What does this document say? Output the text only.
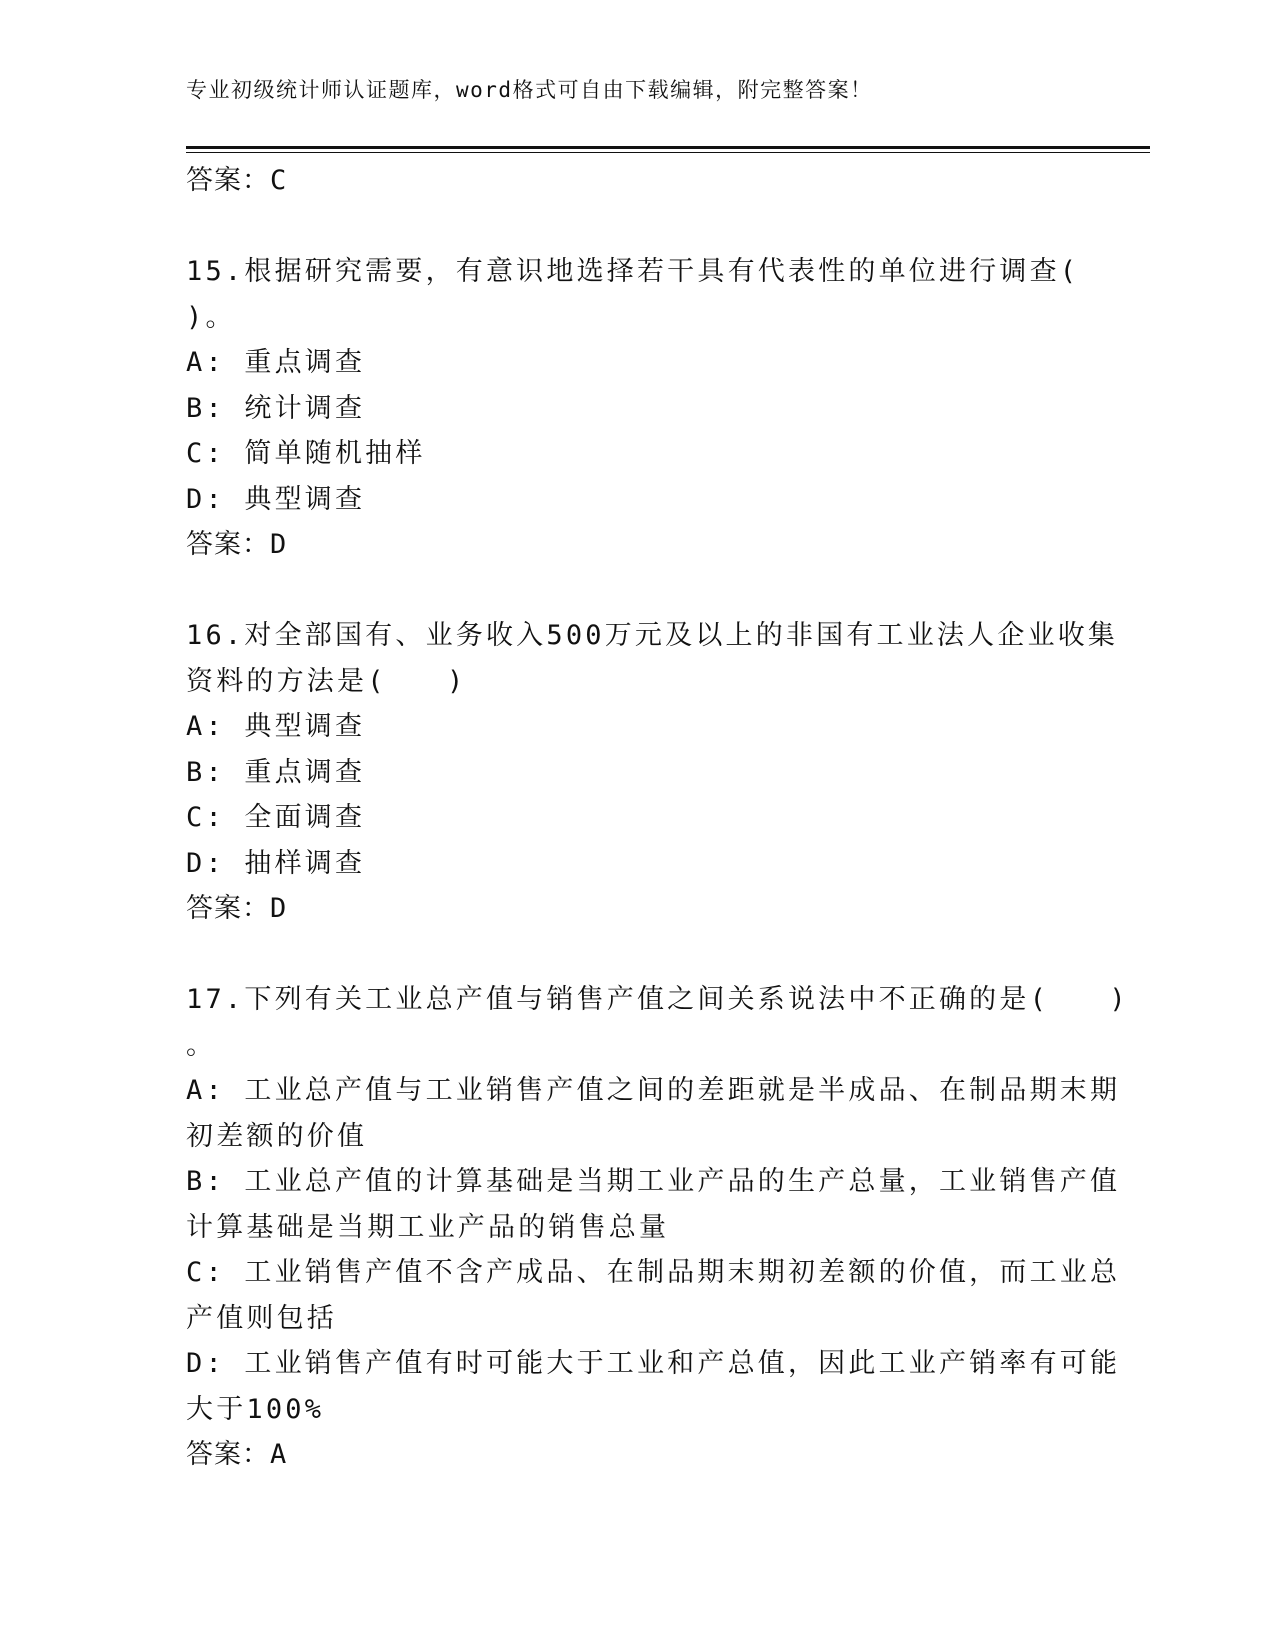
专业初级统计师认证题库，word格式可自由下载编辑，附完整答案！
答案：C
15.根据研究需要，有意识地选择若干具有代表性的单位进行调查(
)。
A: 重点调查
B: 统计调查
C: 简单随机抽样
D: 典型调查
答案：D
16.对全部国有、业务收入500万元及以上的非国有工业法人企业收集
资料的方法是(　　)
A: 典型调查
B: 重点调查
C: 全面调查
D: 抽样调查
答案：D
17.下列有关工业总产值与销售产值之间关系说法中不正确的是(　　)
。
A: 工业总产值与工业销售产值之间的差距就是半成品、在制品期末期
初差额的价值
B: 工业总产值的计算基础是当期工业产品的生产总量，工业销售产值
计算基础是当期工业产品的销售总量
C: 工业销售产值不含产成品、在制品期末期初差额的价值，而工业总
产值则包括
D: 工业销售产值有时可能大于工业和产总值，因此工业产销率有可能
大于100%
答案：A
